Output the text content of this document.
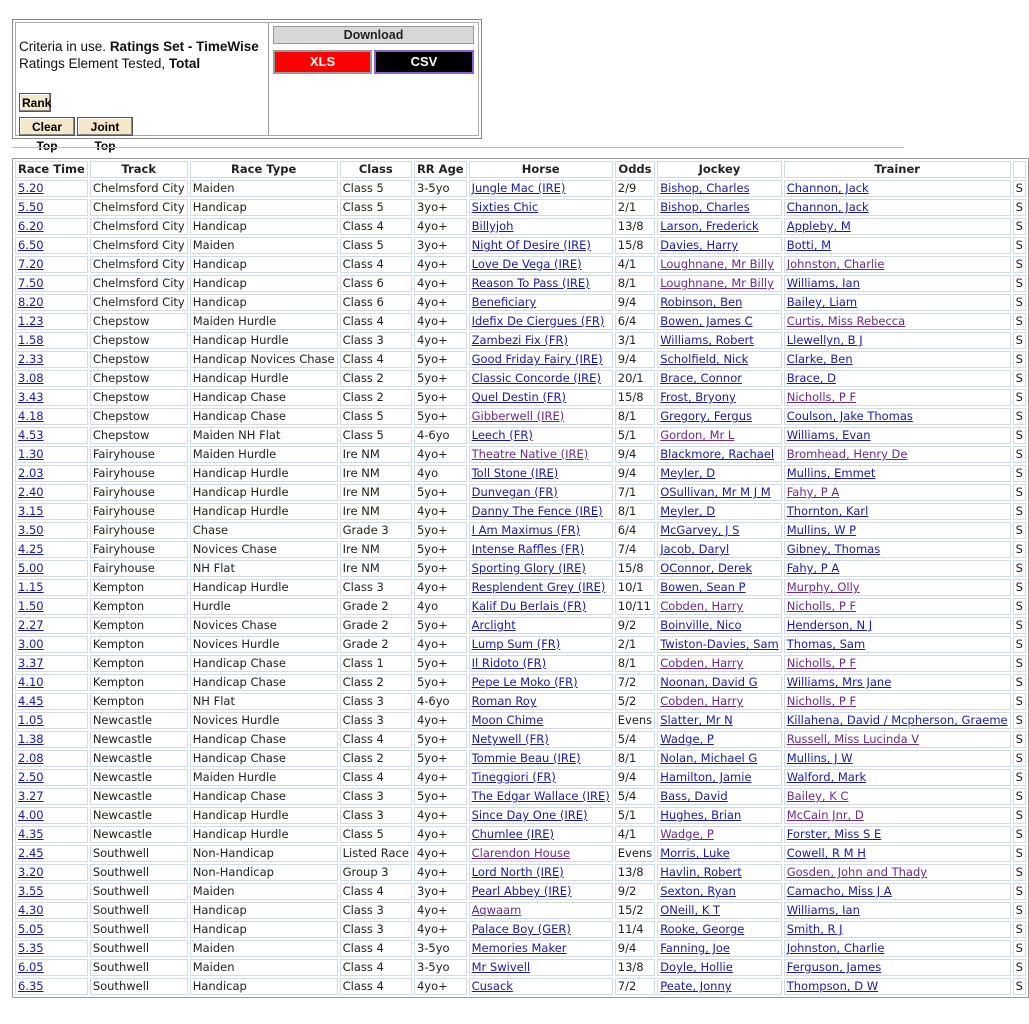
Criteria in use. Ratings Set - TimeWise
Ratings Element Tested, Total
Rank
Clear Top
Joint Top
Download
XLS	CSV
Race Time	Track	Race Type	Class	RR Age	Horse	Odds	Jockey	Trainer	
5.20	Chelmsford City	Maiden	Class 5	3-5yo	Jungle Mac (IRE)	2/9	Bishop, Charles	Channon, Jack	S
5.50	Chelmsford City	Handicap	Class 5	3yo+	Sixties Chic	2/1	Bishop, Charles	Channon, Jack	S
6.20	Chelmsford City	Handicap	Class 4	4yo+	Billyjoh	13/8	Larson, Frederick	Appleby, M	S
6.50	Chelmsford City	Maiden	Class 5	3yo+	Night Of Desire (IRE)	15/8	Davies, Harry	Botti, M	S
7.20	Chelmsford City	Handicap	Class 4	4yo+	Love De Vega (IRE)	4/1	Loughnane, Mr Billy	Johnston, Charlie	S
7.50	Chelmsford City	Handicap	Class 6	4yo+	Reason To Pass (IRE)	8/1	Loughnane, Mr Billy	Williams, Ian	S
8.20	Chelmsford City	Handicap	Class 6	4yo+	Beneficiary	9/4	Robinson, Ben	Bailey, Liam	S
1.23	Chepstow	Maiden Hurdle	Class 4	4yo+	Idefix De Ciergues (FR)	6/4	Bowen, James C	Curtis, Miss Rebecca	S
1.58	Chepstow	Handicap Hurdle	Class 3	4yo+	Zambezi Fix (FR)	3/1	Williams, Robert	Llewellyn, B J	S
2.33	Chepstow	Handicap Novices Chase	Class 4	5yo+	Good Friday Fairy (IRE)	9/4	Scholfield, Nick	Clarke, Ben	S
3.08	Chepstow	Handicap Hurdle	Class 2	5yo+	Classic Concorde (IRE)	20/1	Brace, Connor	Brace, D	S
3.43	Chepstow	Handicap Chase	Class 2	5yo+	Quel Destin (FR)	15/8	Frost, Bryony	Nicholls, P F	S
4.18	Chepstow	Handicap Chase	Class 5	5yo+	Gibberwell (IRE)	8/1	Gregory, Fergus	Coulson, Jake Thomas	S
4.53	Chepstow	Maiden NH Flat	Class 5	4-6yo	Leech (FR)	5/1	Gordon, Mr L	Williams, Evan	S
1.30	Fairyhouse	Maiden Hurdle	Ire NM	4yo+	Theatre Native (IRE)	9/4	Blackmore, Rachael	Bromhead, Henry De	S
2.03	Fairyhouse	Handicap Hurdle	Ire NM	4yo	Toll Stone (IRE)	9/4	Meyler, D	Mullins, Emmet	S
2.40	Fairyhouse	Handicap Hurdle	Ire NM	5yo+	Dunvegan (FR)	7/1	OSullivan, Mr M J M	Fahy, P A	S
3.15	Fairyhouse	Handicap Hurdle	Ire NM	4yo+	Danny The Fence (IRE)	8/1	Meyler, D	Thornton, Karl	S
3.50	Fairyhouse	Chase	Grade 3	5yo+	I Am Maximus (FR)	6/4	McGarvey, J S	Mullins, W P	S
4.25	Fairyhouse	Novices Chase	Ire NM	5yo+	Intense Raffles (FR)	7/4	Jacob, Daryl	Gibney, Thomas	S
5.00	Fairyhouse	NH Flat	Ire NM	5yo+	Sporting Glory (IRE)	15/8	OConnor, Derek	Fahy, P A	S
1.15	Kempton	Handicap Hurdle	Class 3	4yo+	Resplendent Grey (IRE)	10/1	Bowen, Sean P	Murphy, Olly	S
1.50	Kempton	Hurdle	Grade 2	4yo	Kalif Du Berlais (FR)	10/11	Cobden, Harry	Nicholls, P F	S
2.27	Kempton	Novices Chase	Grade 2	5yo+	Arclight	9/2	Boinville, Nico	Henderson, N J	S
3.00	Kempton	Novices Hurdle	Grade 2	4yo+	Lump Sum (FR)	2/1	Twiston-Davies, Sam	Thomas, Sam	S
3.37	Kempton	Handicap Chase	Class 1	5yo+	Il Ridoto (FR)	8/1	Cobden, Harry	Nicholls, P F	S
4.10	Kempton	Handicap Chase	Class 2	5yo+	Pepe Le Moko (FR)	7/2	Noonan, David G	Williams, Mrs Jane	S
4.45	Kempton	NH Flat	Class 3	4-6yo	Roman Roy	5/2	Cobden, Harry	Nicholls, P F	S
1.05	Newcastle	Novices Hurdle	Class 3	4yo+	Moon Chime	Evens	Slatter, Mr N	Killahena, David / Mcpherson, Graeme	S
1.38	Newcastle	Handicap Chase	Class 4	5yo+	Netywell (FR)	5/4	Wadge, P	Russell, Miss Lucinda V	S
2.08	Newcastle	Handicap Chase	Class 2	5yo+	Tommie Beau (IRE)	8/1	Nolan, Michael G	Mullins, J W	S
2.50	Newcastle	Maiden Hurdle	Class 4	4yo+	Tineggiori (FR)	9/4	Hamilton, Jamie	Walford, Mark	S
3.27	Newcastle	Handicap Chase	Class 3	5yo+	The Edgar Wallace (IRE)	5/4	Bass, David	Bailey, K C	S
4.00	Newcastle	Handicap Hurdle	Class 3	4yo+	Since Day One (IRE)	5/1	Hughes, Brian	McCain Jnr, D	S
4.35	Newcastle	Handicap Hurdle	Class 5	4yo+	Chumlee (IRE)	4/1	Wadge, P	Forster, Miss S E	S
2.45	Southwell	Non-Handicap	Listed Race	4yo+	Clarendon House	Evens	Morris, Luke	Cowell, R M H	S
3.20	Southwell	Non-Handicap	Group 3	4yo+	Lord North (IRE)	13/8	Havlin, Robert	Gosden, John and Thady	S
3.55	Southwell	Maiden	Class 4	3yo+	Pearl Abbey (IRE)	9/2	Sexton, Ryan	Camacho, Miss J A	S
4.30	Southwell	Handicap	Class 3	4yo+	Aqwaam	15/2	ONeill, K T	Williams, Ian	S
5.05	Southwell	Handicap	Class 3	4yo+	Palace Boy (GER)	11/4	Rooke, George	Smith, R J	S
5.35	Southwell	Maiden	Class 4	3-5yo	Memories Maker	9/4	Fanning, Joe	Johnston, Charlie	S
6.05	Southwell	Maiden	Class 4	3-5yo	Mr Swivell	13/8	Doyle, Hollie	Ferguson, James	S
6.35	Southwell	Handicap	Class 4	4yo+	Cusack	7/2	Peate, Jonny	Thompson, D W	S
